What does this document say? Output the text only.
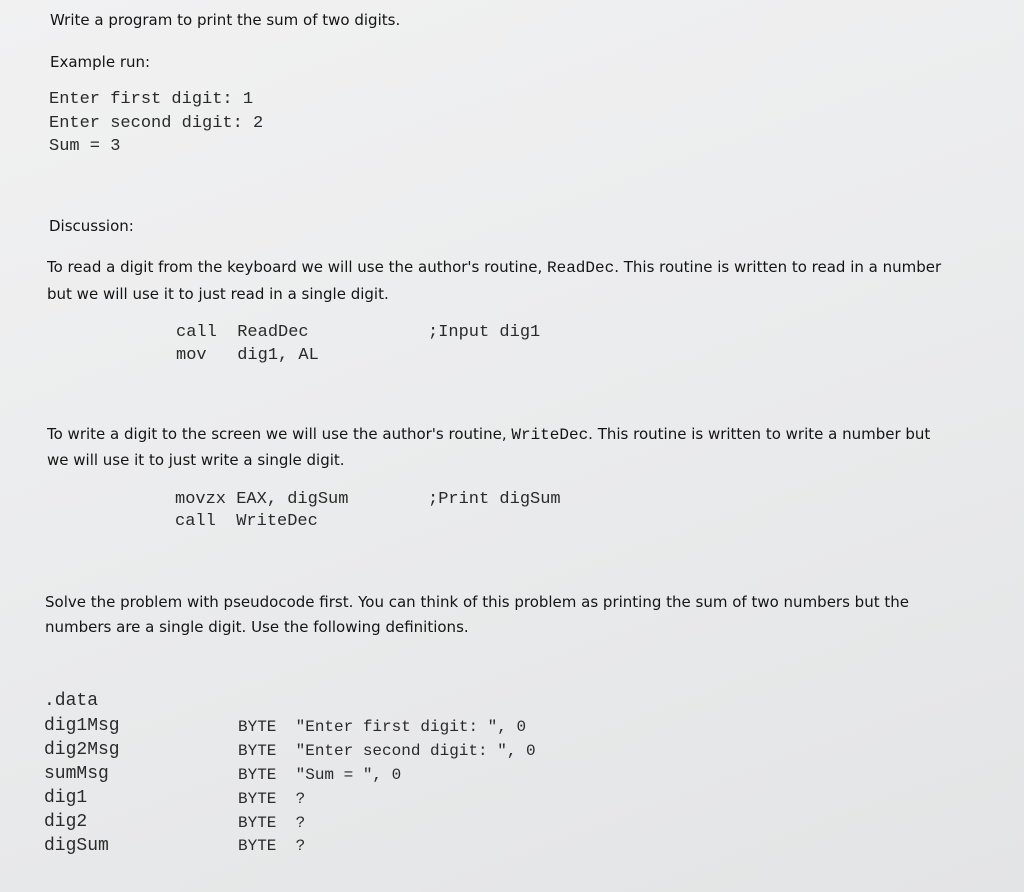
Write a program to print the sum of two digits.
Example run:
Enter first digit: 1
Enter second digit: 2
Sum = 3
Discussion:
To read a digit from the keyboard we will use the author's routine, ReadDec. This routine is written to read in a number
but we will use it to just read in a single digit.
call  ReadDec	;Input dig1
mov   dig1, AL
To write a digit to the screen we will use the author's routine, WriteDec. This routine is written to write a number but
we will use it to just write a single digit.
movzx EAX, digSum	;Print digSum
call  WriteDec
Solve the problem with pseudocode first. You can think of this problem as printing the sum of two numbers but the
numbers are a single digit. Use the following definitions.
.data
dig1Msg
dig2Msg
sumMsg
dig1
dig2
digSum
BYTE  "Enter first digit: ", 0
BYTE  "Enter second digit: ", 0
BYTE  "Sum = ", 0
BYTE  ?
BYTE  ?
BYTE  ?
